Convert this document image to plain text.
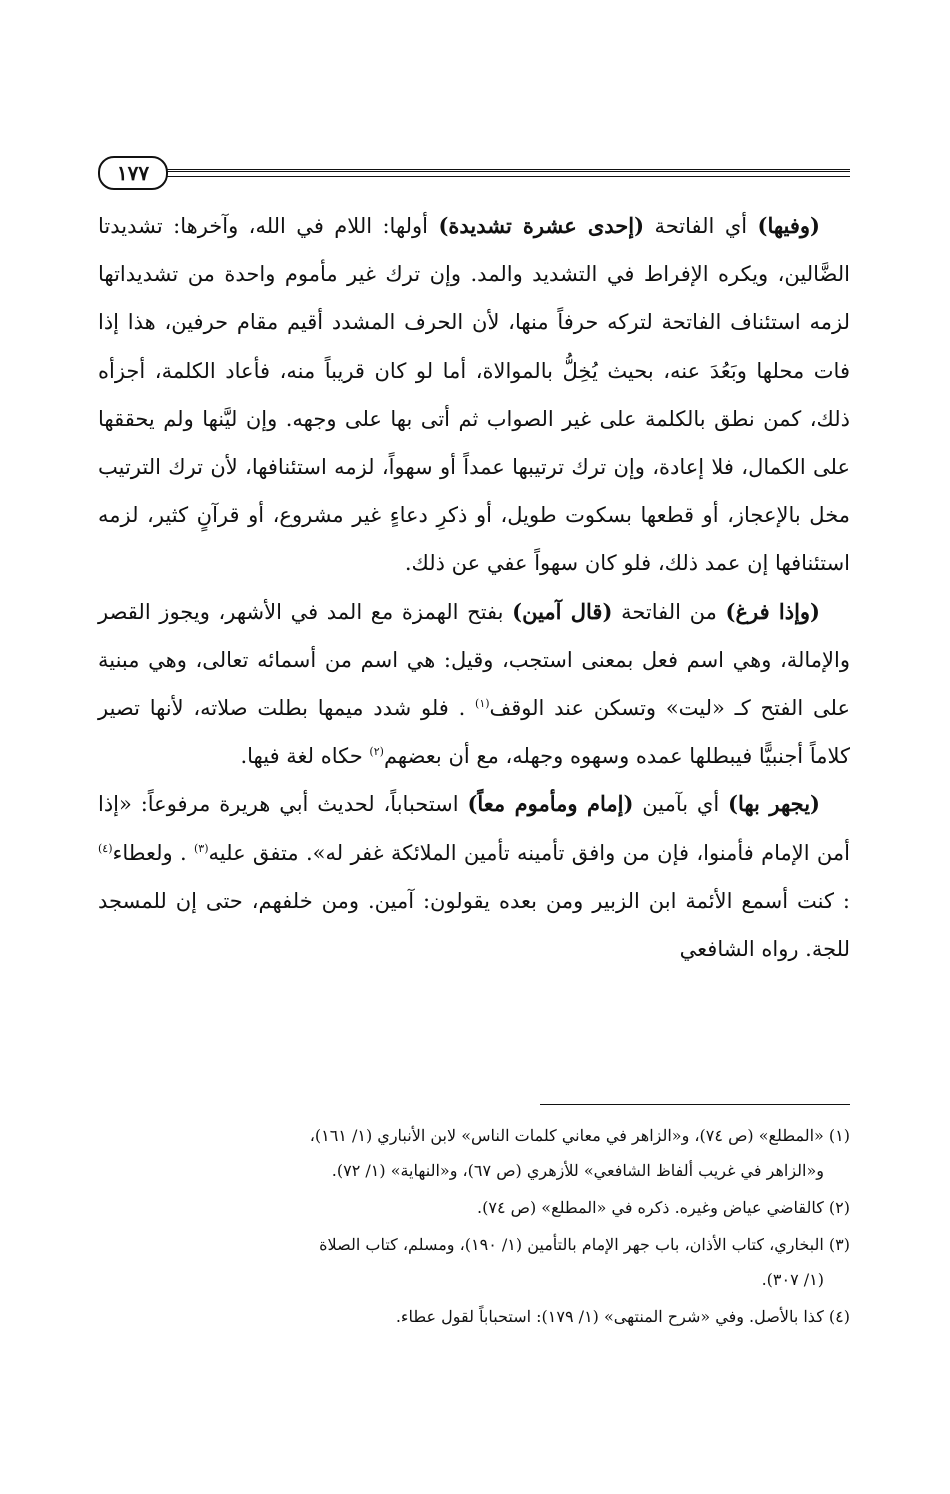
١٧٧

(وفيها) أي الفاتحة (إحدى عشرة تشديدة) أولها: اللام في الله، وآخرها: تشديدتا الضَّالين، ويكره الإفراط في التشديد والمد. وإن ترك غير مأموم واحدة من تشديداتها لزمه استئناف الفاتحة لتركه حرفاً منها، لأن الحرف المشدد أقيم مقام حرفين، هذا إذا فات محلها وبَعُدَ عنه، بحيث يُخِلُّ بالموالاة، أما لو كان قريباً منه، فأعاد الكلمة، أجزأه ذلك، كمن نطق بالكلمة على غير الصواب ثم أتى بها على وجهه. وإن ليَّنها ولم يحققها على الكمال، فلا إعادة، وإن ترك ترتيبها عمداً أو سهواً، لزمه استئنافها، لأن ترك الترتيب مخل بالإعجاز، أو قطعها بسكوت طويل، أو ذكرِ دعاءٍ غير مشروع، أو قرآنٍ كثير، لزمه استئنافها إن عمد ذلك، فلو كان سهواً عفي عن ذلك.

(وإذا فرغ) من الفاتحة (قال آمين) بفتح الهمزة مع المد في الأشهر، ويجوز القصر والإمالة، وهي اسم فعل بمعنى استجب، وقيل: هي اسم من أسمائه تعالى، وهي مبنية على الفتح كـ «ليت» وتسكن عند الوقف$^{(١)}$ . فلو شدد ميمها بطلت صلاته، لأنها تصير كلاماً أجنبيًّا فيبطلها عمده وسهوه وجهله، مع أن بعضهم$^{(٢)}$ حكاه لغة فيها.

(يجهر بها) أي بآمين (إمام ومأموم معاً) استحباباً، لحديث أبي هريرة مرفوعاً: «إذا أمن الإمام فأمنوا، فإن من وافق تأمينه تأمين الملائكة غفر له». متفق عليه$^{(٣)}$ . ولعطاء$^{(٤)}$ : كنت أسمع الأئمة ابن الزبير ومن بعده يقولون: آمين. ومن خلفهم، حتى إن للمسجد للجة. رواه الشافعي

(١) «المطلع» (ص ٧٤)، و«الزاهر في معاني كلمات الناس» لابن الأنباري (١/ ١٦١)،

و«الزاهر في غريب ألفاظ الشافعي» للأزهري (ص ٦٧)، و«النهاية» (١/ ٧٢).

(٢) كالقاضي عياض وغيره. ذكره في «المطلع» (ص ٧٤).

(٣) البخاري، كتاب الأذان، باب جهر الإمام بالتأمين (١/ ١٩٠)، ومسلم، كتاب الصلاة

(١/ ٣٠٧).

(٤) كذا بالأصل. وفي «شرح المنتهى» (١/ ١٧٩): استحباباً لقول عطاء.
